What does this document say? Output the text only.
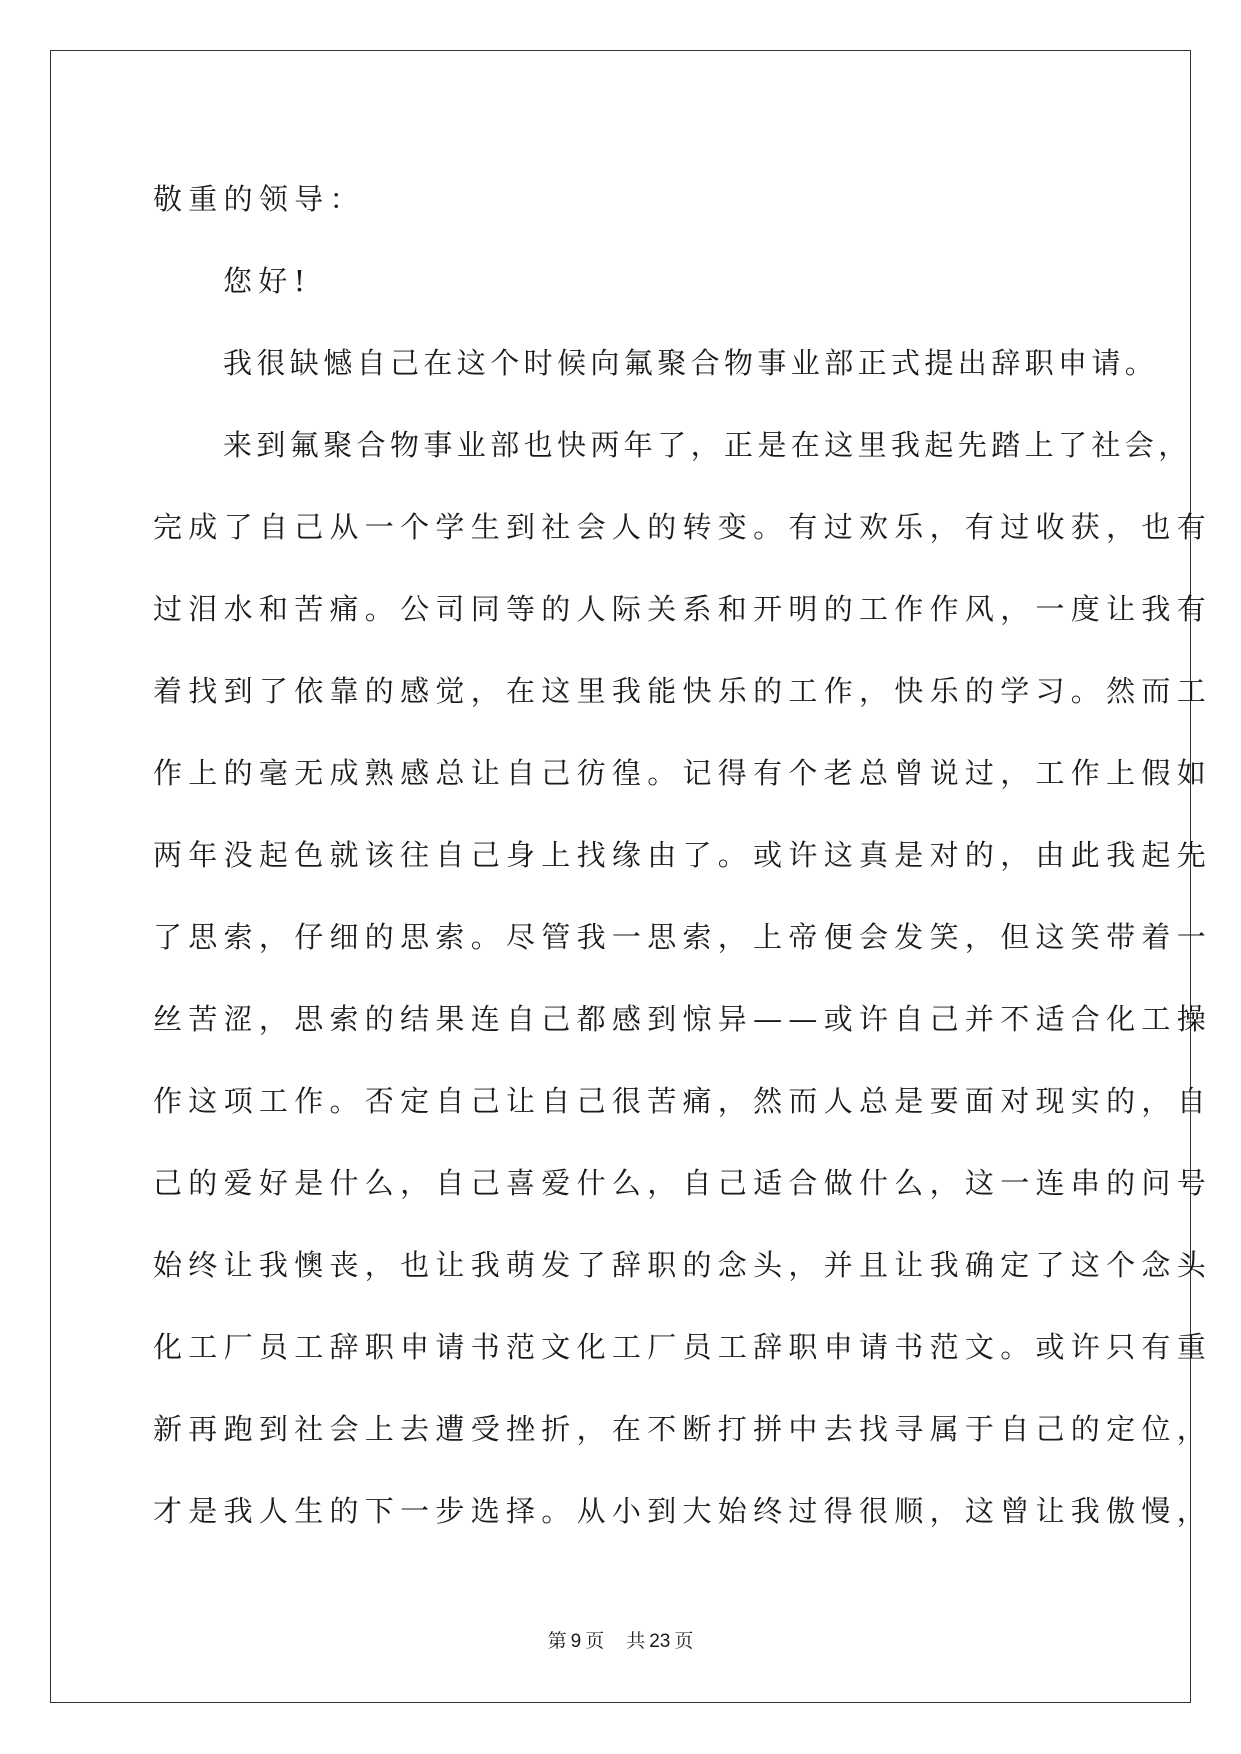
敬重的领导：
您好!
我很缺憾自己在这个时候向氟聚合物事业部正式提出辞职申请。
来到氟聚合物事业部也快两年了，正是在这里我起先踏上了社会，
完成了自己从一个学生到社会人的转变。有过欢乐，有过收获，也有
过泪水和苦痛。公司同等的人际关系和开明的工作作风，一度让我有
着找到了依靠的感觉，在这里我能快乐的工作，快乐的学习。然而工
作上的毫无成熟感总让自己彷徨。记得有个老总曾说过，工作上假如
两年没起色就该往自己身上找缘由了。或许这真是对的，由此我起先
了思索，仔细的思索。尽管我一思索，上帝便会发笑，但这笑带着一
丝苦涩，思索的结果连自己都感到惊异——或许自己并不适合化工操
作这项工作。否定自己让自己很苦痛，然而人总是要面对现实的，自
己的爱好是什么，自己喜爱什么，自己适合做什么，这一连串的问号
始终让我懊丧，也让我萌发了辞职的念头，并且让我确定了这个念头
化工厂员工辞职申请书范文化工厂员工辞职申请书范文。或许只有重
新再跑到社会上去遭受挫折，在不断打拼中去找寻属于自己的定位，
才是我人生的下一步选择。从小到大始终过得很顺，这曾让我傲慢，
第 9 页 共 23 页
